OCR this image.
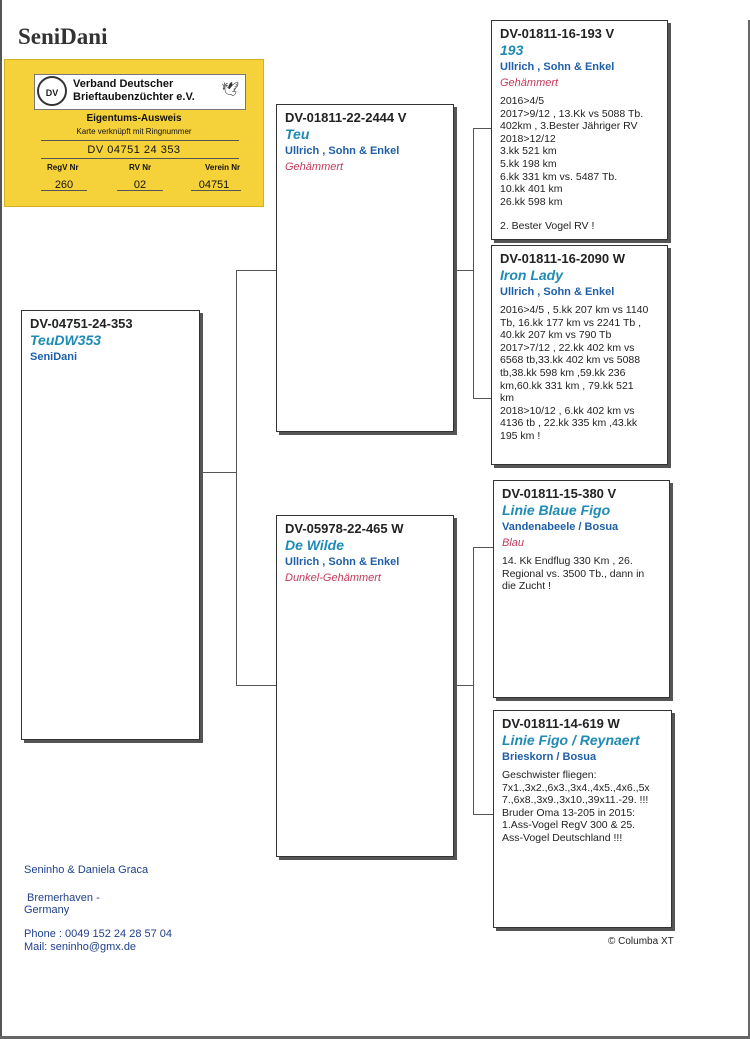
SeniDani
DV
Verband Deutscher
Brieftaubenzüchter e.V. 🕊
Eigentums-Ausweis
Karte verknüpft mit Ringnummer
DV 04751 24 353
RegV Nr	RV Nr	Verein Nr
260	02	04751
DV-04751-24-353
TeuDW353
SeniDani
DV-01811-22-2444 V
Teu
Ullrich , Sohn & Enkel
Gehämmert
DV-05978-22-465 W
De Wilde
Ullrich , Sohn & Enkel
Dunkel-Gehämmert
DV-01811-16-193 V
193
Ullrich , Sohn & Enkel
Gehämmert
2016>4/5
2017>9/12 , 13.Kk vs 5088 Tb.
402km , 3.Bester Jähriger RV
2018>12/12
3.kk 521 km
5.kk 198 km
6.kk 331 km vs. 5487 Tb.
10.kk 401 km
26.kk 598 km
2. Bester Vogel RV !
DV-01811-16-2090 W
Iron Lady
Ullrich , Sohn & Enkel
2016>4/5 , 5.kk 207 km vs 1140
Tb, 16.kk 177 km vs 2241 Tb ,
40.kk 207 km vs 790 Tb
2017>7/12 , 22.kk 402 km vs
6568 tb,33.kk 402 km vs 5088
tb,38.kk 598 km ,59.kk 236
km,60.kk 331 km , 79.kk 521
km
2018>10/12 , 6.kk 402 km vs
4136 tb , 22.kk 335 km ,43.kk
195 km !
DV-01811-15-380 V
Linie Blaue Figo
Vandenabeele / Bosua
Blau
14. Kk Endflug 330 Km , 26.
Regional vs. 3500 Tb., dann in
die Zucht !
DV-01811-14-619 W
Linie Figo / Reynaert
Brieskorn / Bosua
Geschwister fliegen:
7x1.,3x2.,6x3.,3x4.,4x5.,4x6.,5x
7.,6x8.,3x9.,3x10.,39x11.-29. !!!
Bruder Oma 13-205 in 2015:
1.Ass-Vogel RegV 300 & 25.
Ass-Vogel Deutschland !!!
Seninho & Daniela Graca
Bremerhaven -
Germany
Phone : 0049 152 24 28 57 04
Mail: seninho@gmx.de	© Columba XT
